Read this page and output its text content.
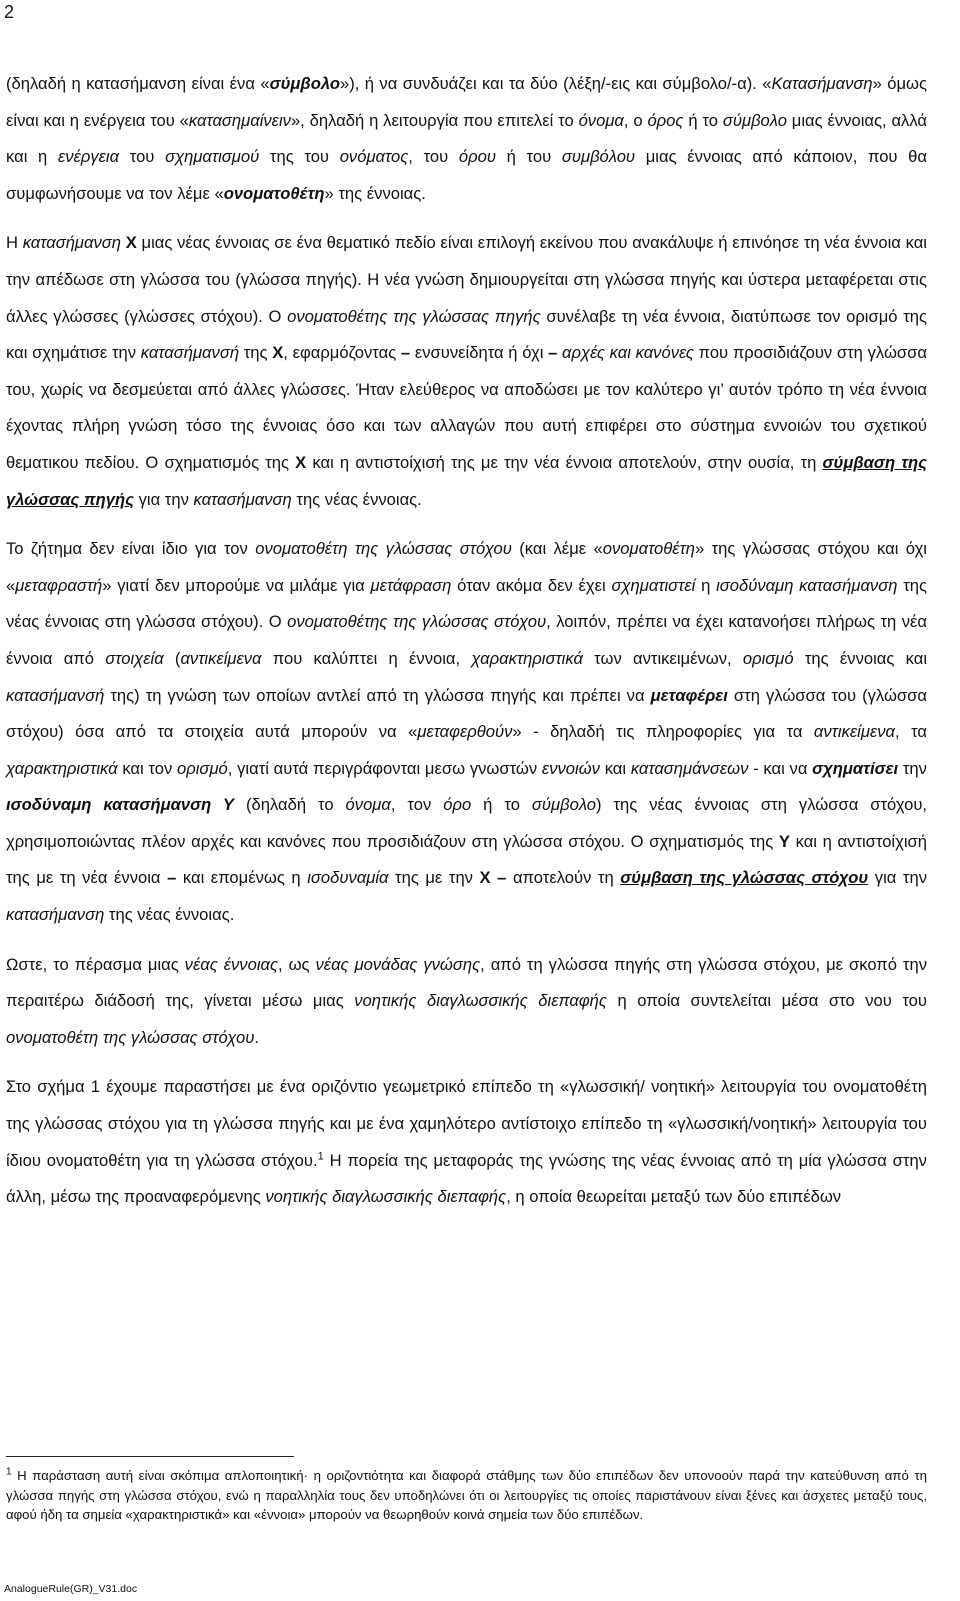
2

(δηλαδή η κατασήμανση είναι ένα «σύμβολο»), ή να συνδυάζει και τα δύο (λέξη/-εις και σύμβολο/-α). «Κατασήμανση» όμως είναι και η ενέργεια του «κατασημαίνειν», δηλαδή η λειτουργία που επιτελεί το όνομα, ο όρος ή το σύμβολο μιας έννοιας, αλλά και η ενέργεια του σχηματισμού της του ονόματος, του όρου ή του συμβόλου μιας έννοιας από κάποιον, που θα συμφωνήσουμε να τον λέμε «ονοματοθέτη» της έννοιας.

Η κατασήμανση Χ μιας νέας έννοιας σε ένα θεματικό πεδίο είναι επιλογή εκείνου που ανακάλυψε ή επινόησε τη νέα έννοια και την απέδωσε στη γλώσσα του (γλώσσα πηγής). Η νέα γνώση δημιουργείται στη γλώσσα πηγής και ύστερα μεταφέρεται στις άλλες γλώσσες (γλώσσες στόχου). Ο ονοματοθέτης της γλώσσας πηγής συνέλαβε τη νέα έννοια, διατύπωσε τον ορισμό της και σχημάτισε την κατασήμανσή της Χ, εφαρμόζοντας – ενσυνείδητα ή όχι – αρχές και κανόνες που προσιδιάζουν στη γλώσσα του, χωρίς να δεσμεύεται από άλλες γλώσσες. Ήταν ελεύθερος να αποδώσει με τον καλύτερο γι’ αυτόν τρόπο τη νέα έννοια έχοντας πλήρη γνώση τόσο της έννοιας όσο και των αλλαγών που αυτή επιφέρει στο σύστημα εννοιών του σχετικού θεματικου πεδίου. Ο σχηματισμός της Χ και η αντιστοίχισή της με την νέα έννοια αποτελούν, στην ουσία, τη σύμβαση της γλώσσας πηγής για την κατασήμανση της νέας έννοιας.

Το ζήτημα δεν είναι ίδιο για τον ονοματοθέτη της γλώσσας στόχου (και λέμε «ονοματοθέτη» της γλώσσας στόχου και όχι «μεταφραστή» γιατί δεν μπορούμε να μιλάμε για μετάφραση όταν ακόμα δεν έχει σχηματιστεί η ισοδύναμη κατασήμανση της νέας έννοιας στη γλώσσα στόχου). Ο ονοματοθέτης της γλώσσας στόχου, λοιπόν, πρέπει να έχει κατανοήσει πλήρως τη νέα έννοια από στοιχεία (αντικείμενα που καλύπτει η έννοια, χαρακτηριστικά των αντικειμένων, ορισμό της έννοιας και κατασήμανσή της) τη γνώση των οποίων αντλεί από τη γλώσσα πηγής και πρέπει να μεταφέρει στη γλώσσα του (γλώσσα στόχου) όσα από τα στοιχεία αυτά μπορούν να «μεταφερθούν» - δηλαδή τις πληροφορίες για τα αντικείμενα, τα χαρακτηριστικά και τον ορισμό, γιατί αυτά περιγράφονται μεσω γνωστών εννοιών και κατασημάνσεων - και να σχηματίσει την ισοδύναμη κατασήμανση Υ (δηλαδή το όνομα, τον όρο ή το σύμβολο) της νέας έννοιας στη γλώσσα στόχου, χρησιμοποιώντας πλέον αρχές και κανόνες που προσιδιάζουν στη γλώσσα στόχου. Ο σχηματισμός της Υ και η αντιστοίχισή της με τη νέα έννοια – και επομένως η ισοδυναμία της με την Χ – αποτελούν τη σύμβαση της γλώσσας στόχου για την κατασήμανση της νέας έννοιας.

Ωστε, το πέρασμα μιας νέας έννοιας, ως νέας μονάδας γνώσης, από τη γλώσσα πηγής στη γλώσσα στόχου, με σκοπό την περαιτέρω διάδοσή της, γίνεται μέσω μιας νοητικής διαγλωσσικής διεπαφής η οποία συντελείται μέσα στο νου του ονοματοθέτη της γλώσσας στόχου.

Στο σχήμα 1 έχουμε παραστήσει με ένα οριζόντιο γεωμετρικό επίπεδο τη «γλωσσική/ νοητική» λειτουργία του ονοματοθέτη της γλώσσας στόχου για τη γλώσσα πηγής και με ένα χαμηλότερο αντίστοιχο επίπεδο τη «γλωσσική/νοητική» λειτουργία του ίδιου ονοματοθέτη για τη γλώσσα στόχου.$^1$ Η πορεία της μεταφοράς της γνώσης της νέας έννοιας από τη μία γλώσσα στην άλλη, μέσω της προαναφερόμενης νοητικής διαγλωσσικής διεπαφής, η οποία θεωρείται μεταξύ των δύο επιπέδων

$^1$ Η παράσταση αυτή είναι σκόπιμα απλοποιητική· η οριζοντιότητα και διαφορά στάθμης των δύο επιπέδων δεν υπονοούν παρά την κατεύθυνση από τη γλώσσα πηγής στη γλώσσα στόχου, ενώ η παραλληλία τους δεν υποδηλώνει ότι οι λειτουργίες τις οποίες παριστάνουν είναι ξένες και άσχετες μεταξύ τους, αφού ήδη τα σημεία «χαρακτηριστικά» και «έννοια» μπορούν να θεωρηθούν κοινά σημεία των δύο επιπέδων.

AnalogueRule(GR)_V31.doc
